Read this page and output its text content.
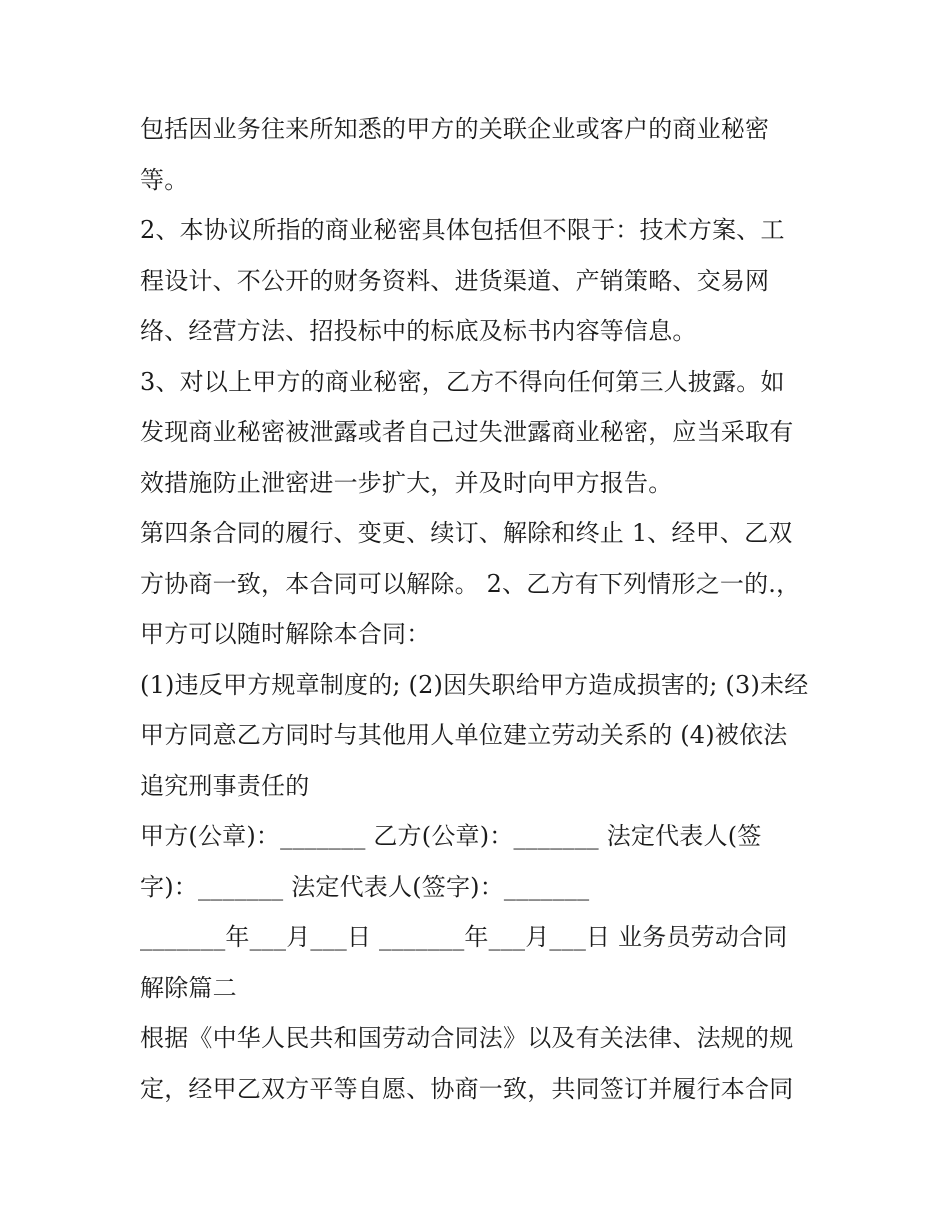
包括因业务往来所知悉的甲方的关联企业或客户的商业秘密
等。
2、本协议所指的商业秘密具体包括但不限于：技术方案、工
程设计、不公开的财务资料、进货渠道、产销策略、交易网
络、经营方法、招投标中的标底及标书内容等信息。
3、对以上甲方的商业秘密，乙方不得向任何第三人披露。如
发现商业秘密被泄露或者自己过失泄露商业秘密，应当采取有
效措施防止泄密进一步扩大，并及时向甲方报告。
第四条合同的履行、变更、续订、解除和终止 1、经甲、乙双
方协商一致，本合同可以解除。 2、乙方有下列情形之一的.，
甲方可以随时解除本合同：
(1)违反甲方规章制度的; (2)因失职给甲方造成损害的; (3)未经
甲方同意乙方同时与其他用人单位建立劳动关系的 (4)被依法
追究刑事责任的
甲方(公章)：_______ 乙方(公章)：_______ 法定代表人(签
字)：_______ 法定代表人(签字)：_______
_______年___月___日 _______年___月___日 业务员劳动合同
解除篇二
根据《中华人民共和国劳动合同法》以及有关法律、法规的规
定，经甲乙双方平等自愿、协商一致，共同签订并履行本合同
